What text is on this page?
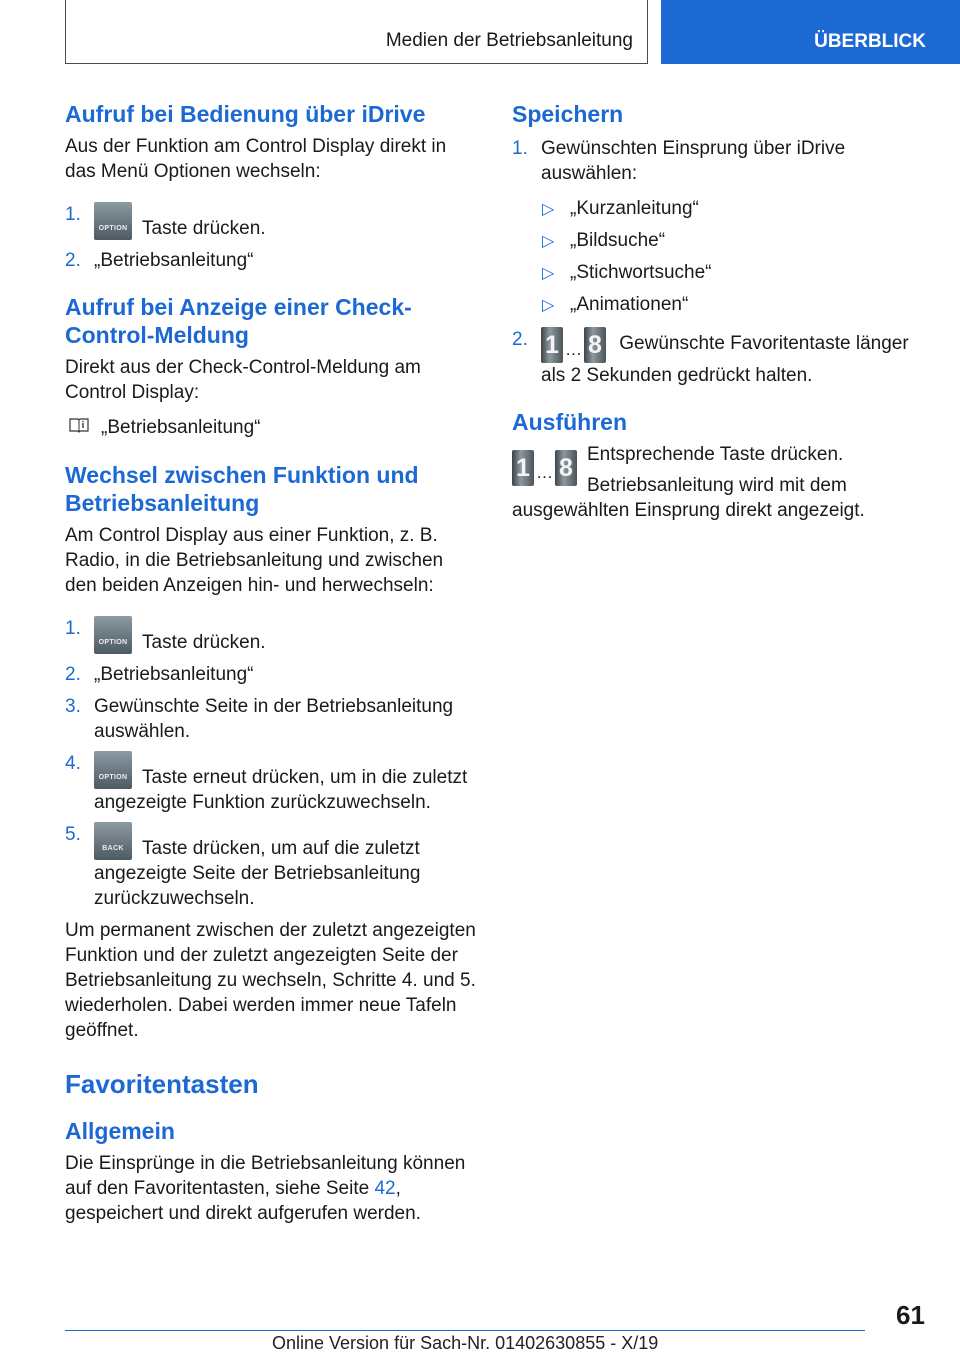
Medien der Betriebsanleitung	ÜBERBLICK
Aufruf bei Bedienung über iDrive

Aus der Funktion am Control Display direkt in das Menü Optionen wechseln:

1.
OPTION Taste drücken.
2. „Betriebsanleitung“
Aufruf bei Anzeige einer Check-Control-Meldung

Direkt aus der Check-Control-Meldung am Control Display:

„Betriebsanleitung“
Wechsel zwischen Funktion und Betriebsanleitung

Am Control Display aus einer Funktion, z. B. Radio, in die Betriebsanleitung und zwischen den beiden Anzeigen hin- und herwechseln:

1.
OPTION Taste drücken.
2. „Betriebsanleitung“
3. Gewünschte Seite in der Betriebsanleitung auswählen.
4.
OPTION Taste erneut drücken, um in die zuletzt angezeigte Funktion zurückzuwechseln.
5.
BACK Taste drücken, um auf die zuletzt angezeigte Seite der Betriebsanleitung zurückzuwechseln.

Um permanent zwischen der zuletzt angezeigten Funktion und der zuletzt angezeigten Seite der Betriebsanleitung zu wechseln, Schritte 4. und 5. wiederholen. Dabei werden immer neue Tafeln geöffnet.

Favoritentasten
Allgemein

Die Einsprünge in die Betriebsanleitung können auf den Favoritentasten, siehe Seite 42, gespeichert und direkt aufgerufen werden.

Speichern
1. Gewünschten Einsprung über iDrive auswählen:
▷ „Kurzanleitung“
▷ „Bildsuche“
▷ „Stichwortsuche“
▷ „Animationen“
2. 1 … 8 Gewünschte Favoritentaste länger als 2 Sekunden gedrückt halten.
Ausführen
1 … 8 Entsprechende Taste drücken.

Betriebsanleitung wird mit dem ausgewählten Einsprung direkt angezeigt.

61
Online Version für Sach-Nr. 01402630855 - X/19
